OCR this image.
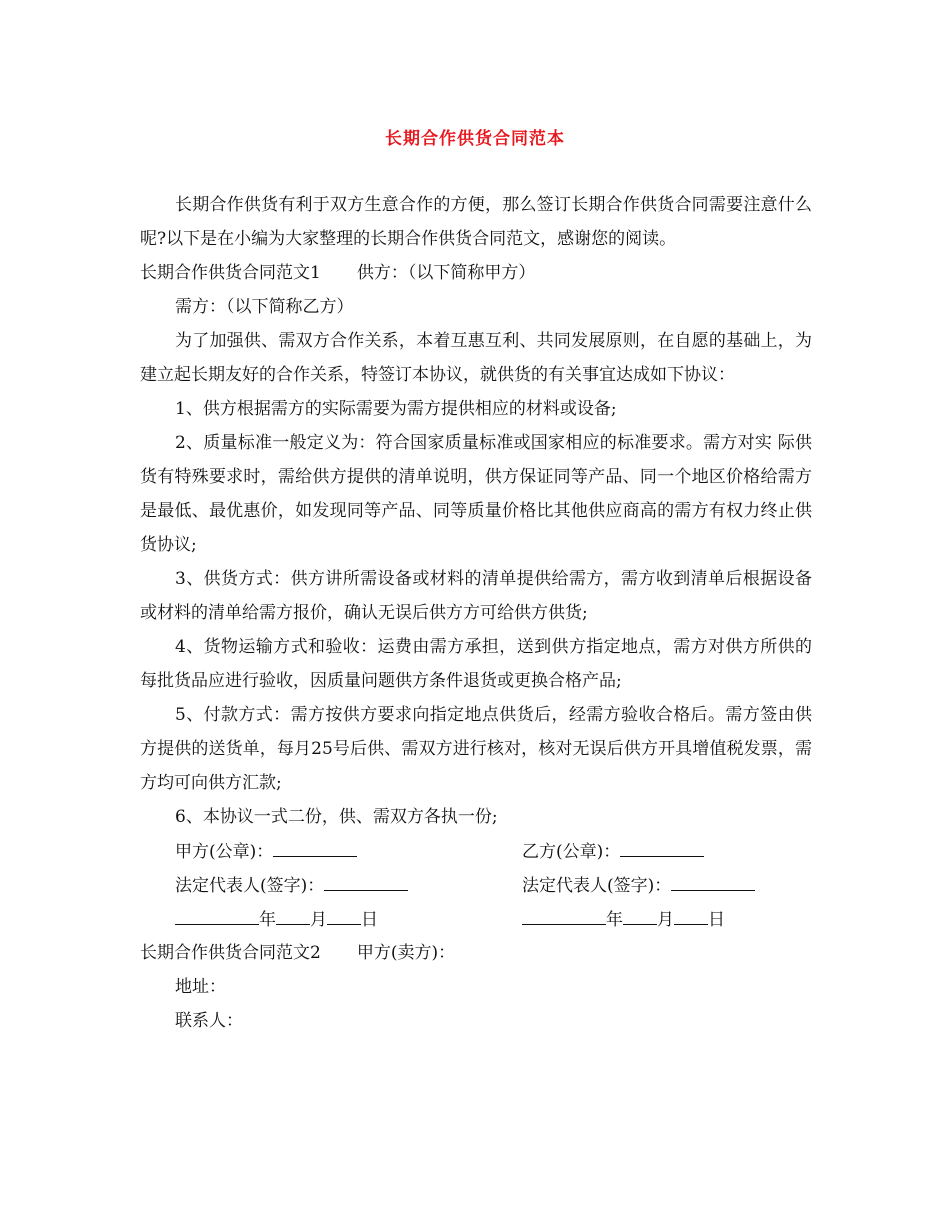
长期合作供货合同范本

长期合作供货有利于双方生意合作的方便，那么签订长期合作供货合同需要注意什么呢?以下是在小编为大家整理的长期合作供货合同范文，感谢您的阅读。

长期合作供货合同范文1 供方：（以下简称甲方）

需方：（以下简称乙方）

为了加强供、需双方合作关系，本着互惠互利、共同发展原则，在自愿的基础上，为建立起长期友好的合作关系，特签订本协议，就供货的有关事宜达成如下协议：

1、供方根据需方的实际需要为需方提供相应的材料或设备;

2、质量标准一般定义为：符合国家质量标准或国家相应的标准要求。需方对实 际供货有特殊要求时，需给供方提供的清单说明，供方保证同等产品、同一个地区价格给需方是最低、最优惠价，如发现同等产品、同等质量价格比其他供应商高的需方有权力终止供货协议;

3、供货方式：供方讲所需设备或材料的清单提供给需方，需方收到清单后根据设备或材料的清单给需方报价，确认无误后供方方可给供方供货;

4、货物运输方式和验收：运费由需方承担，送到供方指定地点，需方对供方所供的每批货品应进行验收，因质量问题供方条件退货或更换合格产品;

5、付款方式：需方按供方要求向指定地点供货后，经需方验收合格后。需方签由供方提供的送货单，每月25号后供、需双方进行核对，核对无误后供方开具增值税发票，需方均可向供方汇款;

6、本协议一式二份，供、需双方各执一份;

甲方(公章)：	乙方(公章)：
法定代表人(签字)：	法定代表人(签字)：
年 月 日	年 月 日

长期合作供货合同范文2 甲方(卖方)：

地址：

联系人：
